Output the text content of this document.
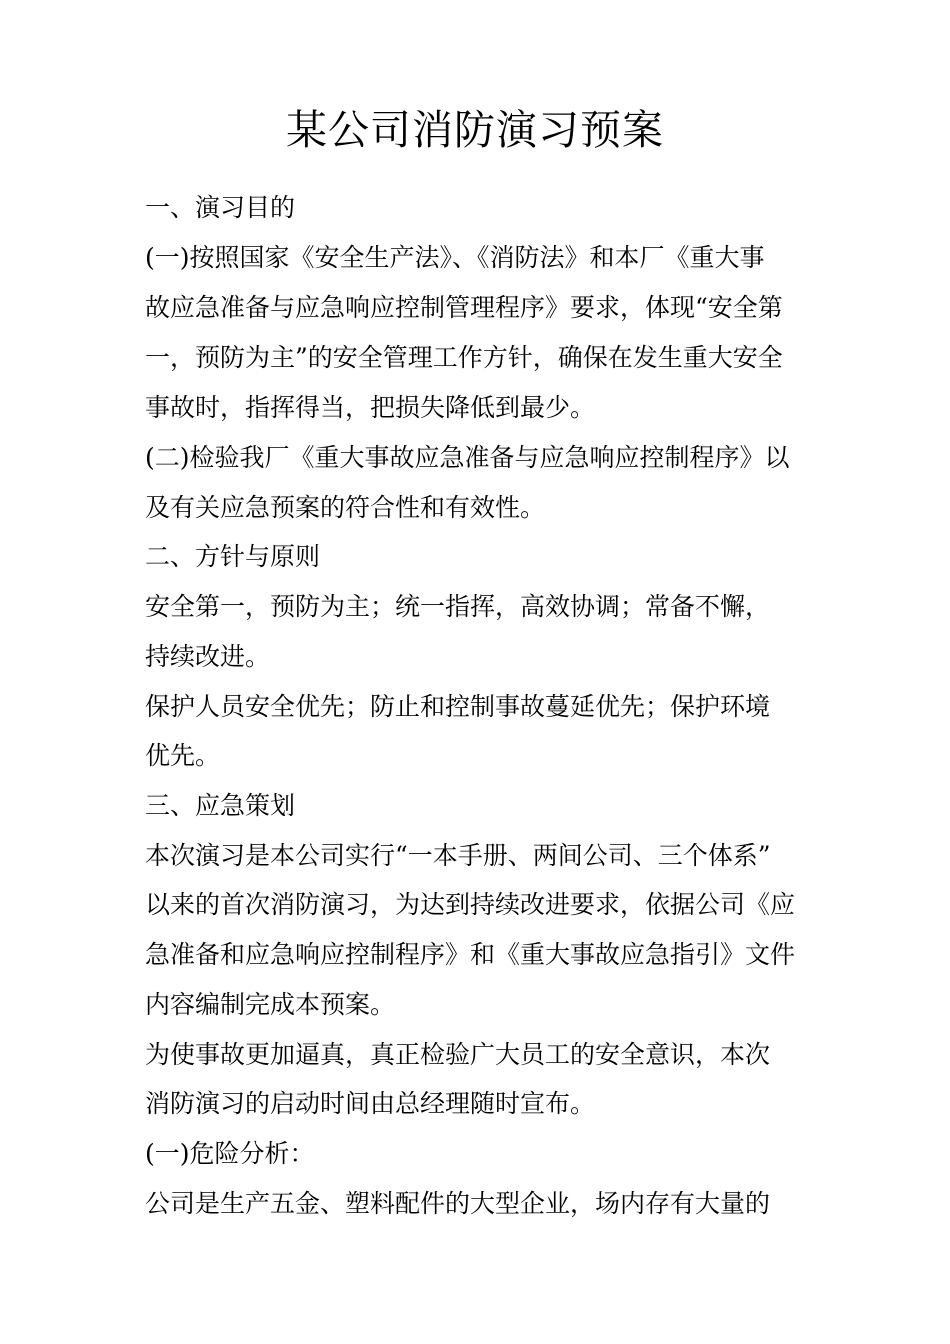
某公司消防演习预案

一、演习目的

(一)按照国家《安全生产法》、《消防法》和本厂《重大事

故应急准备与应急响应控制管理程序》要求，体现“安全第

一，预防为主”的安全管理工作方针，确保在发生重大安全

事故时，指挥得当，把损失降低到最少。

(二)检验我厂《重大事故应急准备与应急响应控制程序》以

及有关应急预案的符合性和有效性。

二、方针与原则

安全第一，预防为主；统一指挥，高效协调；常备不懈，

持续改进。

保护人员安全优先；防止和控制事故蔓延优先；保护环境

优先。

三、应急策划

本次演习是本公司实行“一本手册、两间公司、三个体系”

以来的首次消防演习，为达到持续改进要求，依据公司《应

急准备和应急响应控制程序》和《重大事故应急指引》文件

内容编制完成本预案。

为使事故更加逼真，真正检验广大员工的安全意识，本次

消防演习的启动时间由总经理随时宣布。

(一)危险分析：

公司是生产五金、塑料配件的大型企业，场内存有大量的
